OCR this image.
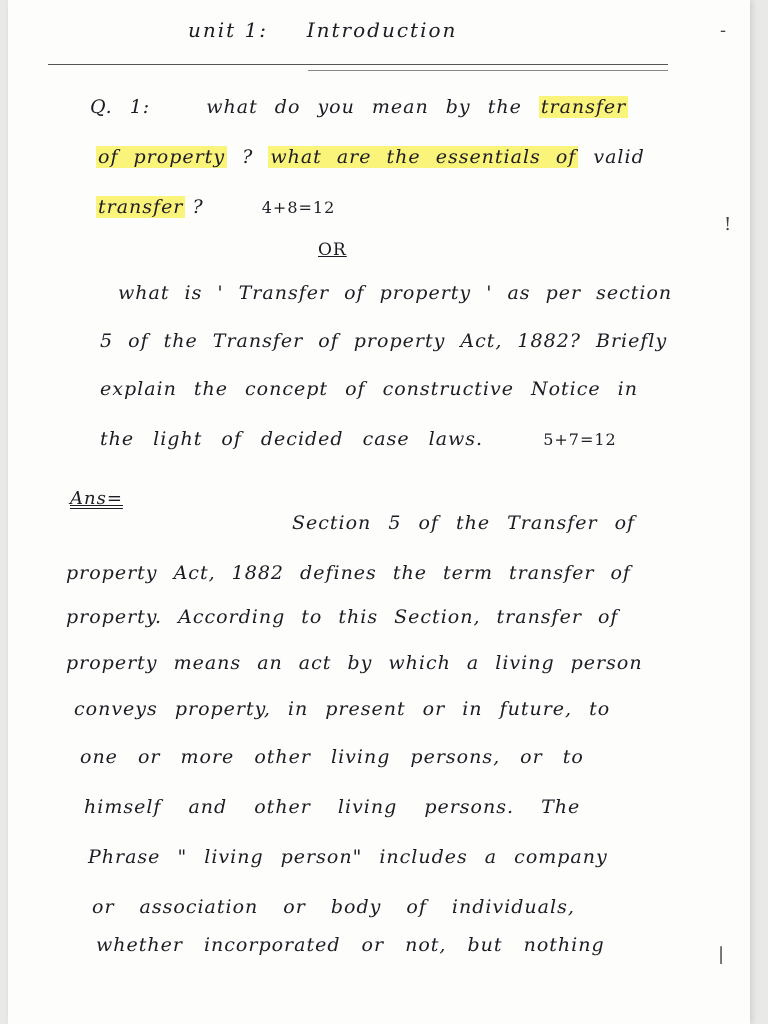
unit 1: Introduction
Q. 1:	what do you mean by the transfer
of property ? what are the essentials of valid
transfer ?	4+8=12
OR
what is ' Transfer of property ' as per section
5 of the Transfer of property Act, 1882? Briefly
explain the concept of constructive Notice in
the light of decided case laws.	5+7=12
Ans=
Section 5 of the Transfer of
property Act, 1882 defines the term transfer of
property. According to this Section, transfer of
property means an act by which a living person
conveys property, in present or in future, to
one or more other living persons, or to
himself and other living persons. The
Phrase " living person" includes a company
or association or body of individuals,
whether incorporated or not, but nothing
-
!
|
